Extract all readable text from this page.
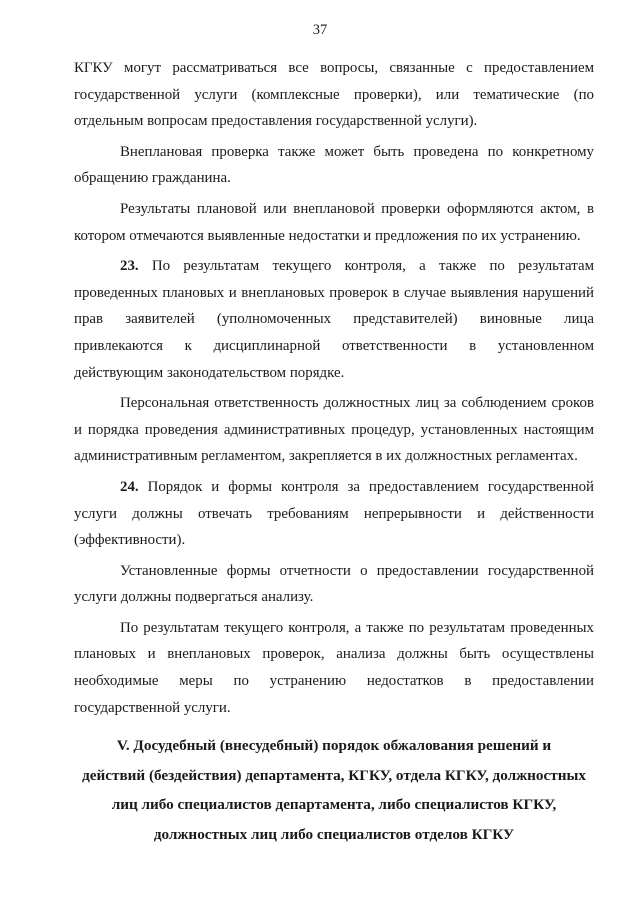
37

КГКУ могут рассматриваться все вопросы, связанные с предоставлением государственной услуги (комплексные проверки), или тематические (по отдельным вопросам предоставления государственной услуги).

Внеплановая проверка также может быть проведена по конкретному обращению гражданина.

Результаты плановой или внеплановой проверки оформляются актом, в котором отмечаются выявленные недостатки и предложения по их устранению.

23. По результатам текущего контроля, а также по результатам проведенных плановых и внеплановых проверок в случае выявления нарушений прав заявителей (уполномоченных представителей) виновные лица привлекаются к дисциплинарной ответственности в установленном действующим законодательством порядке.

Персональная ответственность должностных лиц за соблюдением сроков и порядка проведения административных процедур, установленных настоящим административным регламентом, закрепляется в их должностных регламентах.

24. Порядок и формы контроля за предоставлением государственной услуги должны отвечать требованиям непрерывности и действенности (эффективности).

Установленные формы отчетности о предоставлении государственной услуги должны подвергаться анализу.

По результатам текущего контроля, а также по результатам проведенных плановых и внеплановых проверок, анализа должны быть осуществлены необходимые меры по устранению недостатков в предоставлении государственной услуги.

V. Досудебный (внесудебный) порядок обжалования решений и
действий (бездействия) департамента, КГКУ, отдела КГКУ, должностных
лиц либо специалистов департамента, либо специалистов КГКУ,
должностных лиц либо специалистов отделов КГКУ
